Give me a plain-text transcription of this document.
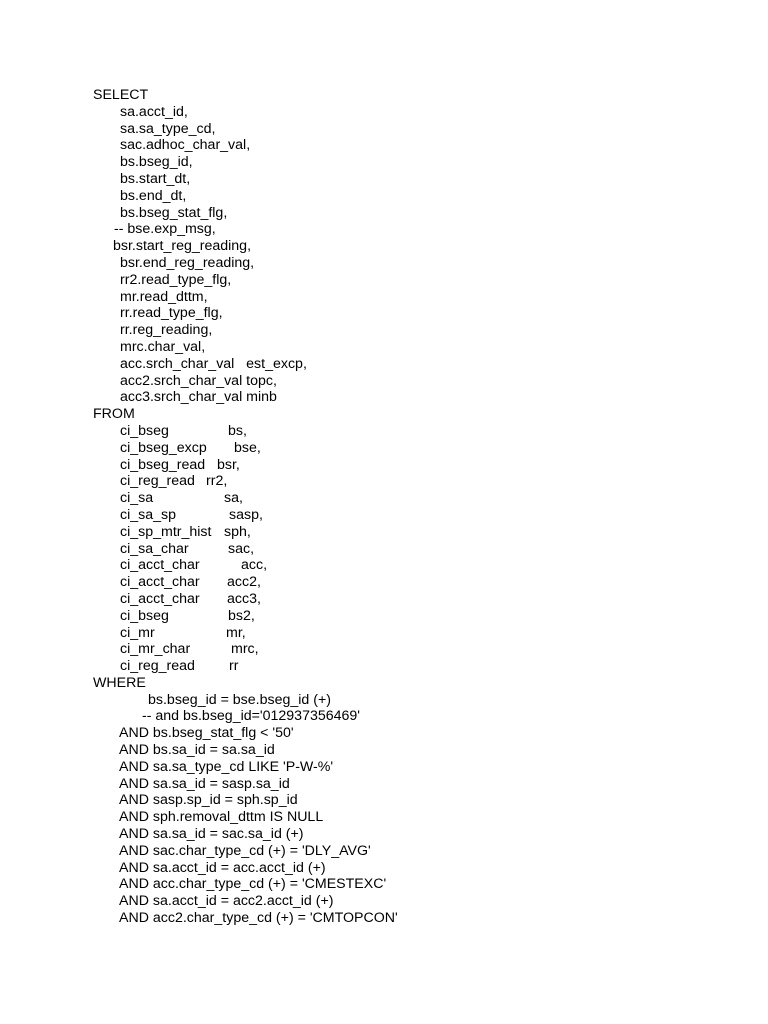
SELECT
sa.acct_id,
sa.sa_type_cd,
sac.adhoc_char_val,
bs.bseg_id,
bs.start_dt,
bs.end_dt,
bs.bseg_stat_flg,
-- bse.exp_msg,
bsr.start_reg_reading,
bsr.end_reg_reading,
rr2.read_type_flg,
mr.read_dttm,
rr.read_type_flg,
rr.reg_reading,
mrc.char_val,
acc.srch_char_val   est_excp,
acc2.srch_char_val topc,
acc3.srch_char_val minb
FROM
ci_bseg	bs,
ci_bseg_excp bse,
ci_bseg_read bsr,
ci_reg_read rr2,
ci_sa	sa,
ci_sa_sp	sasp,
ci_sp_mtr_hist sph,
ci_sa_char	sac,
ci_acct_char	acc,
ci_acct_char acc2,
ci_acct_char acc3,
ci_bseg	bs2,
ci_mr	mr,
ci_mr_char	mrc,
ci_reg_read rr
WHERE
bs.bseg_id = bse.bseg_id (+)
-- and bs.bseg_id='012937356469'
AND bs.bseg_stat_flg < '50'
AND bs.sa_id = sa.sa_id
AND sa.sa_type_cd LIKE 'P-W-%'
AND sa.sa_id = sasp.sa_id
AND sasp.sp_id = sph.sp_id
AND sph.removal_dttm IS NULL
AND sa.sa_id = sac.sa_id (+)
AND sac.char_type_cd (+) = 'DLY_AVG'
AND sa.acct_id = acc.acct_id (+)
AND acc.char_type_cd (+) = 'CMESTEXC'
AND sa.acct_id = acc2.acct_id (+)
AND acc2.char_type_cd (+) = 'CMTOPCON'
